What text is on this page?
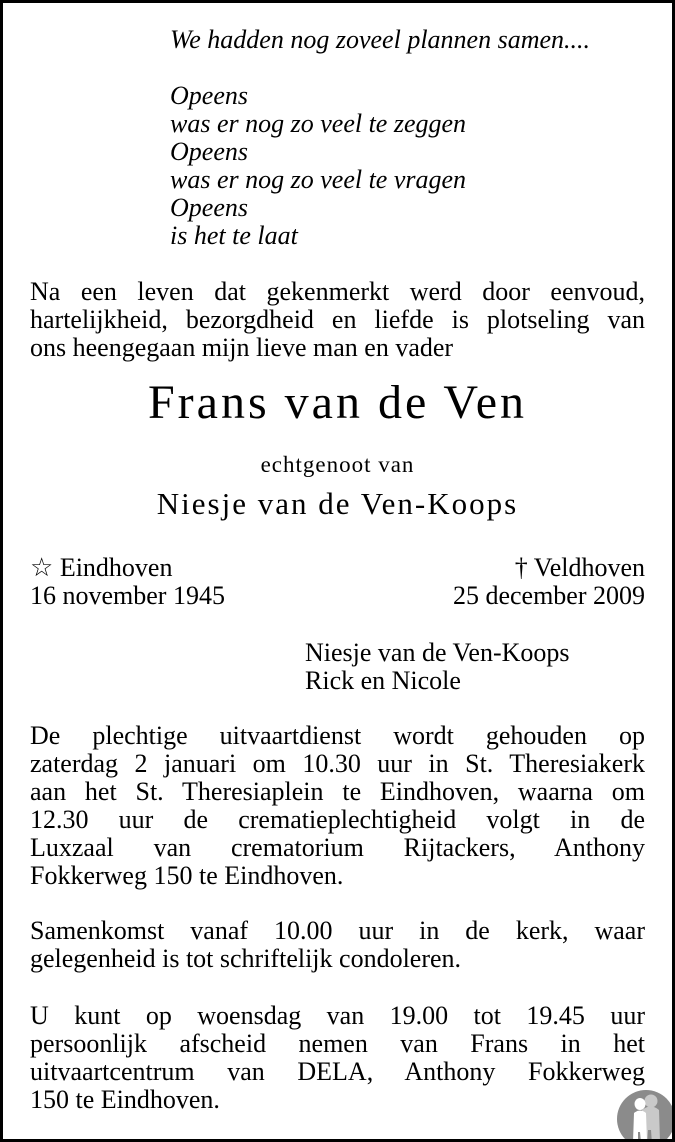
We hadden nog zoveel plannen samen....
Opeens
was er nog zo veel te zeggen
Opeens
was er nog zo veel te vragen
Opeens
is het te laat
Na een leven dat gekenmerkt werd door eenvoud,
hartelijkheid, bezorgdheid en liefde is plotseling van
ons heengegaan mijn lieve man en vader
Frans van de Ven
echtgenoot van
Niesje van de Ven-Koops
☆ Eindhoven
16 november 1945
† Veldhoven
25 december 2009
Niesje van de Ven-Koops
Rick en Nicole
De plechtige uitvaartdienst wordt gehouden op
zaterdag 2 januari om 10.30 uur in St. Theresiakerk
aan het St. Theresiaplein te Eindhoven, waarna om
12.30 uur de crematieplechtigheid volgt in de
Luxzaal van crematorium Rijtackers, Anthony
Fokkerweg 150 te Eindhoven.
Samenkomst vanaf 10.00 uur in de kerk, waar
gelegenheid is tot schriftelijk condoleren.
U kunt op woensdag van 19.00 tot 19.45 uur
persoonlijk afscheid nemen van Frans in het
uitvaartcentrum van DELA, Anthony Fokkerweg
150 te Eindhoven.
